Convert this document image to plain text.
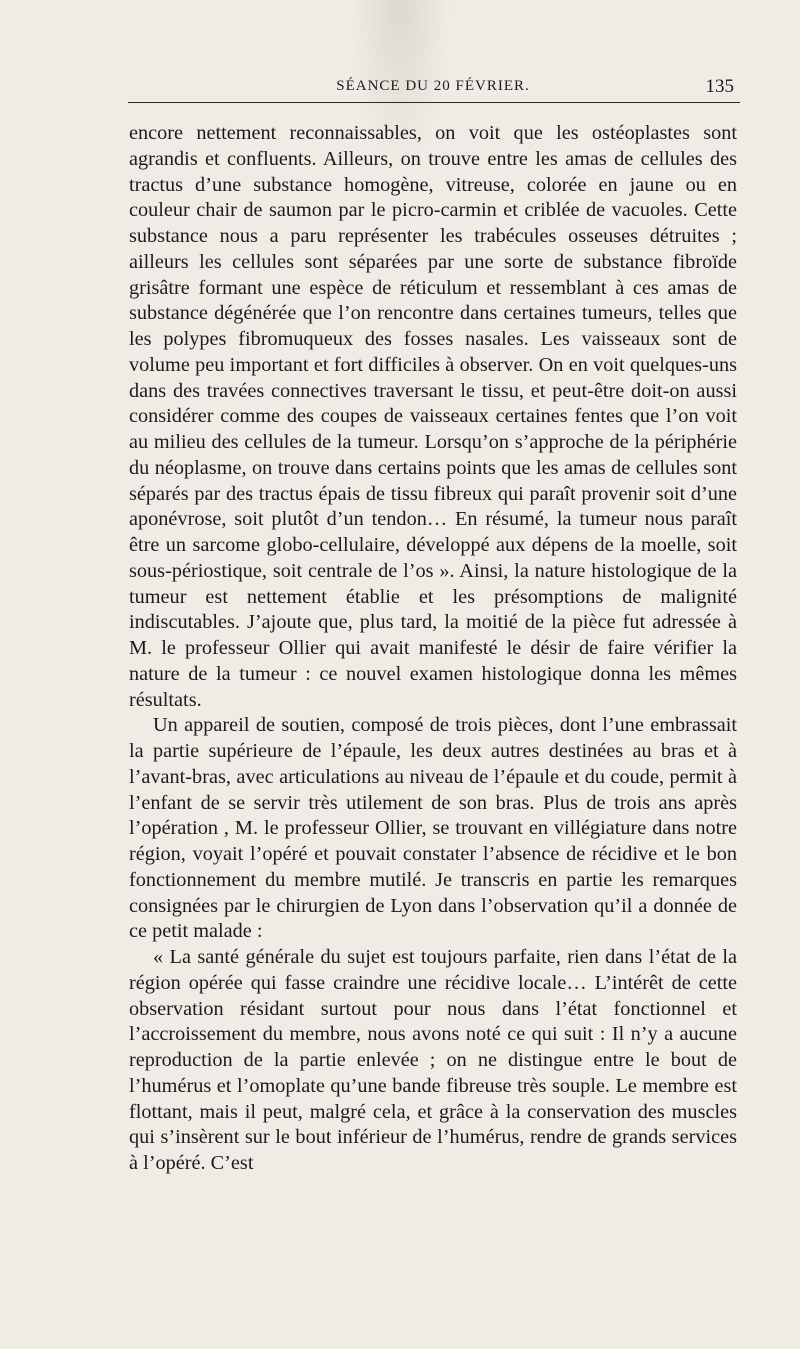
SÉANCE DU 20 FÉVRIER.	135

encore nettement reconnaissables, on voit que les ostéoplastes sont agrandis et confluents. Ailleurs, on trouve entre les amas de cellules des tractus d’une substance homogène, vitreuse, colorée en jaune ou en couleur chair de saumon par le picro-carmin et criblée de vacuoles. Cette substance nous a paru représenter les trabécules osseuses détruites ; ailleurs les cellules sont séparées par une sorte de substance fibroïde grisâtre formant une espèce de réticulum et ressemblant à ces amas de substance dégénérée que l’on rencontre dans certaines tumeurs, telles que les polypes fibromuqueux des fosses nasales. Les vaisseaux sont de volume peu important et fort difficiles à observer. On en voit quelques-uns dans des travées connectives traversant le tissu, et peut-être doit-on aussi considérer comme des coupes de vaisseaux certaines fentes que l’on voit au milieu des cellules de la tumeur. Lorsqu’on s’approche de la périphérie du néoplasme, on trouve dans certains points que les amas de cellules sont séparés par des tractus épais de tissu fibreux qui paraît provenir soit d’une aponévrose, soit plutôt d’un tendon… En résumé, la tumeur nous paraît être un sarcome globo-cellulaire, développé aux dépens de la moelle, soit sous-périostique, soit centrale de l’os ». Ainsi, la nature histologique de la tumeur est nettement établie et les présomptions de malignité indiscutables. J’ajoute que, plus tard, la moitié de la pièce fut adressée à M. le professeur Ollier qui avait manifesté le désir de faire vérifier la nature de la tumeur : ce nouvel examen histologique donna les mêmes résultats.

Un appareil de soutien, composé de trois pièces, dont l’une embrassait la partie supérieure de l’épaule, les deux autres destinées au bras et à l’avant-bras, avec articulations au niveau de l’épaule et du coude, permit à l’enfant de se servir très utilement de son bras. Plus de trois ans après l’opération , M. le professeur Ollier, se trouvant en villégiature dans notre région, voyait l’opéré et pouvait constater l’absence de récidive et le bon fonctionnement du membre mutilé. Je transcris en partie les remarques consignées par le chirurgien de Lyon dans l’observation qu’il a donnée de ce petit malade :

« La santé générale du sujet est toujours parfaite, rien dans l’état de la région opérée qui fasse craindre une récidive locale… L’intérêt de cette observation résidant surtout pour nous dans l’état fonctionnel et l’accroissement du membre, nous avons noté ce qui suit : Il n’y a aucune reproduction de la partie enlevée ; on ne distingue entre le bout de l’humérus et l’omoplate qu’une bande fibreuse très souple. Le membre est flottant, mais il peut, malgré cela, et grâce à la conservation des muscles qui s’insèrent sur le bout inférieur de l’humérus, rendre de grands services à l’opéré. C’est
